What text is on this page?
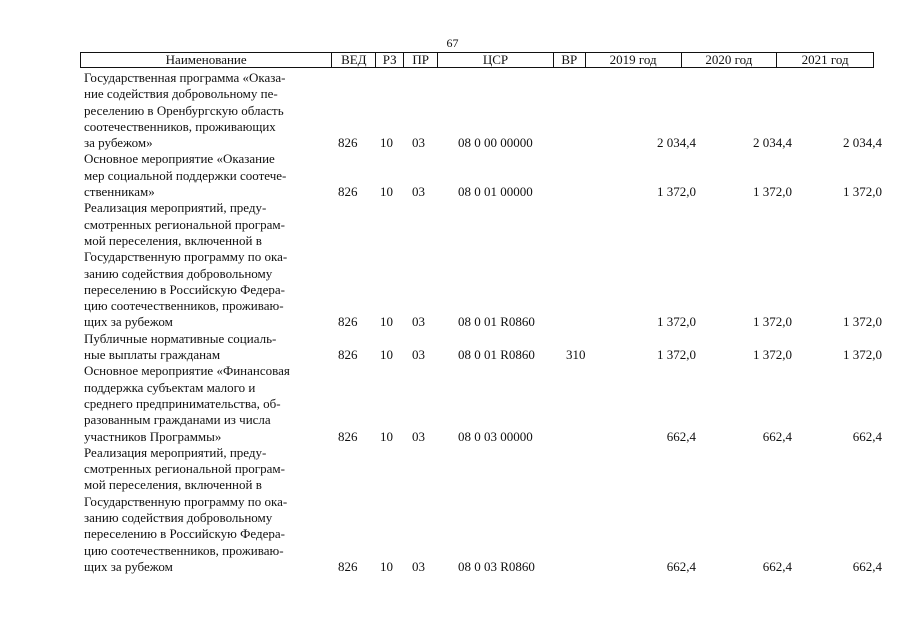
67
Наименование	ВЕД	РЗ	ПР	ЦСР	ВР	2019 год	2020 год	2021 год
Государственная программа «Оказа-
ние содействия добровольному пе-
реселению в Оренбургскую область
соотечественников, проживающих
за рубежом»	826 10 03	08 0 00 00000	2 034,4	2 034,4	2 034,4
Основное мероприятие «Оказание
мер социальной поддержки соотече-
ственникам»	826 10 03	08 0 01 00000	1 372,0	1 372,0	1 372,0
Реализация мероприятий, преду-
смотренных региональной програм-
мой переселения, включенной в
Государственную программу по ока-
занию содействия добровольному
переселению в Российскую Федера-
цию соотечественников, проживаю-
щих за рубежом	826 10 03	08 0 01 R0860	1 372,0	1 372,0	1 372,0
Публичные нормативные социаль-
ные выплаты гражданам	826 10 03	08 0 01 R0860 310	1 372,0	1 372,0	1 372,0
Основное мероприятие «Финансовая
поддержка субъектам малого и
среднего предпринимательства, об-
разованным гражданами из числа
участников Программы»	826 10 03	08 0 03 00000	662,4	662,4	662,4
Реализация мероприятий, преду-
смотренных региональной програм-
мой переселения, включенной в
Государственную программу по ока-
занию содействия добровольному
переселению в Российскую Федера-
цию соотечественников, проживаю-
щих за рубежом	826 10 03	08 0 03 R0860	662,4	662,4	662,4
